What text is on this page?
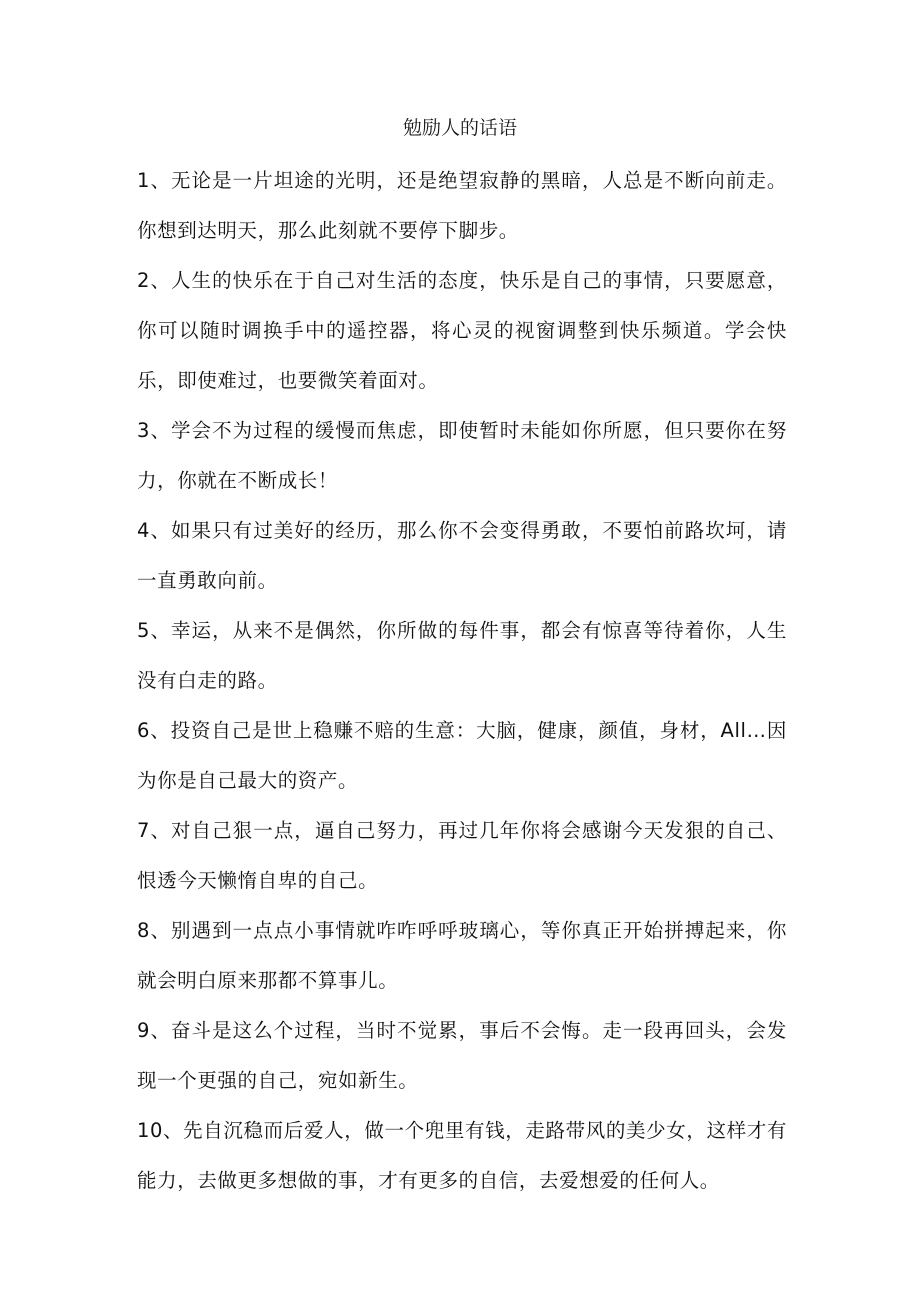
勉励人的话语

1、无论是一片坦途的光明，还是绝望寂静的黑暗，人总是不断向前走。你想到达明天，那么此刻就不要停下脚步。

2、人生的快乐在于自己对生活的态度，快乐是自己的事情，只要愿意，你可以随时调换手中的遥控器，将心灵的视窗调整到快乐频道。学会快乐，即使难过，也要微笑着面对。

3、学会不为过程的缓慢而焦虑，即使暂时未能如你所愿，但只要你在努力，你就在不断成长！

4、如果只有过美好的经历，那么你不会变得勇敢，不要怕前路坎坷，请一直勇敢向前。

5、幸运，从来不是偶然，你所做的每件事，都会有惊喜等待着你，人生没有白走的路。

6、投资自己是世上稳赚不赔的生意：大脑，健康，颜值，身材，All…因为你是自己最大的资产。

7、对自己狠一点，逼自己努力，再过几年你将会感谢今天发狠的自己、恨透今天懒惰自卑的自己。

8、别遇到一点点小事情就咋咋呼呼玻璃心，等你真正开始拼搏起来，你就会明白原来那都不算事儿。

9、奋斗是这么个过程，当时不觉累，事后不会悔。走一段再回头，会发现一个更强的自己，宛如新生。

10、先自沉稳而后爱人，做一个兜里有钱，走路带风的美少女，这样才有能力，去做更多想做的事，才有更多的自信，去爱想爱的任何人。
